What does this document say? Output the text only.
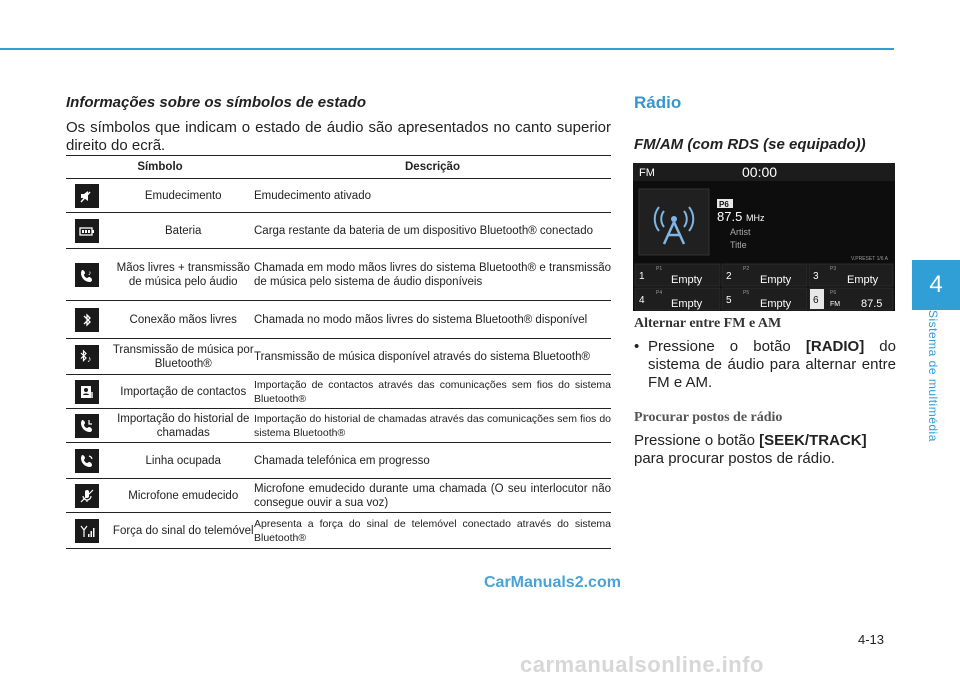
Informações sobre os símbolos de estado
Os símbolos que indicam o estado de áudio são apresentados no canto superior direito do ecrã.
Símbolo		Descrição

	Emudecimento	Emudecimento ativado

	Bateria	Carga restante da bateria de um dispositivo Bluetooth® conectado

♪	Mãos livres + transmissão de música pelo áudio	Chamada em modo mãos livres do sistema Bluetooth® e transmissão de música pelo sistema de áudio disponíveis

	Conexão mãos livres	Chamada no modo mãos livres do sistema Bluetooth® disponível

♪	Transmissão de música por Bluetooth®	Transmissão de música disponível através do sistema Bluetooth®

	Importação de contactos	Importação de contactos através das comunicações sem fios do sistema Bluetooth®

	Importação do historial de chamadas	Importação do historial de chamadas através das comunicações sem fios do sistema Bluetooth®

	Linha ocupada	Chamada telefónica em progresso

	Microfone emudecido	Microfone emudecido durante uma chamada (O seu interlocutor não consegue ouvir a sua voz)

	Força do sinal do telemóvel	Apresenta a força do sinal de telemóvel conectado através do sistema Bluetooth®
Rádio
FM/AM (com RDS (se equipado))
FM	00:00
P6
87.5 MHz
Artist
Title
V.PRESET 1/6 A
1
P1
Empty 2
P2
Empty 3
P3
Empty
4
P4
Empty 5
P5
Empty 6
P6
FM 87.5
Alternar entre FM e AM
• Pressione o botão [RADIO] do sistema de áudio para alternar entre FM e AM.
Procurar postos de rádio
Pressione o botão [SEEK/TRACK] para procurar postos de rádio.
4
Sistema de multimédia
CarManuals2.com
4-13
carmanualsonline.info
